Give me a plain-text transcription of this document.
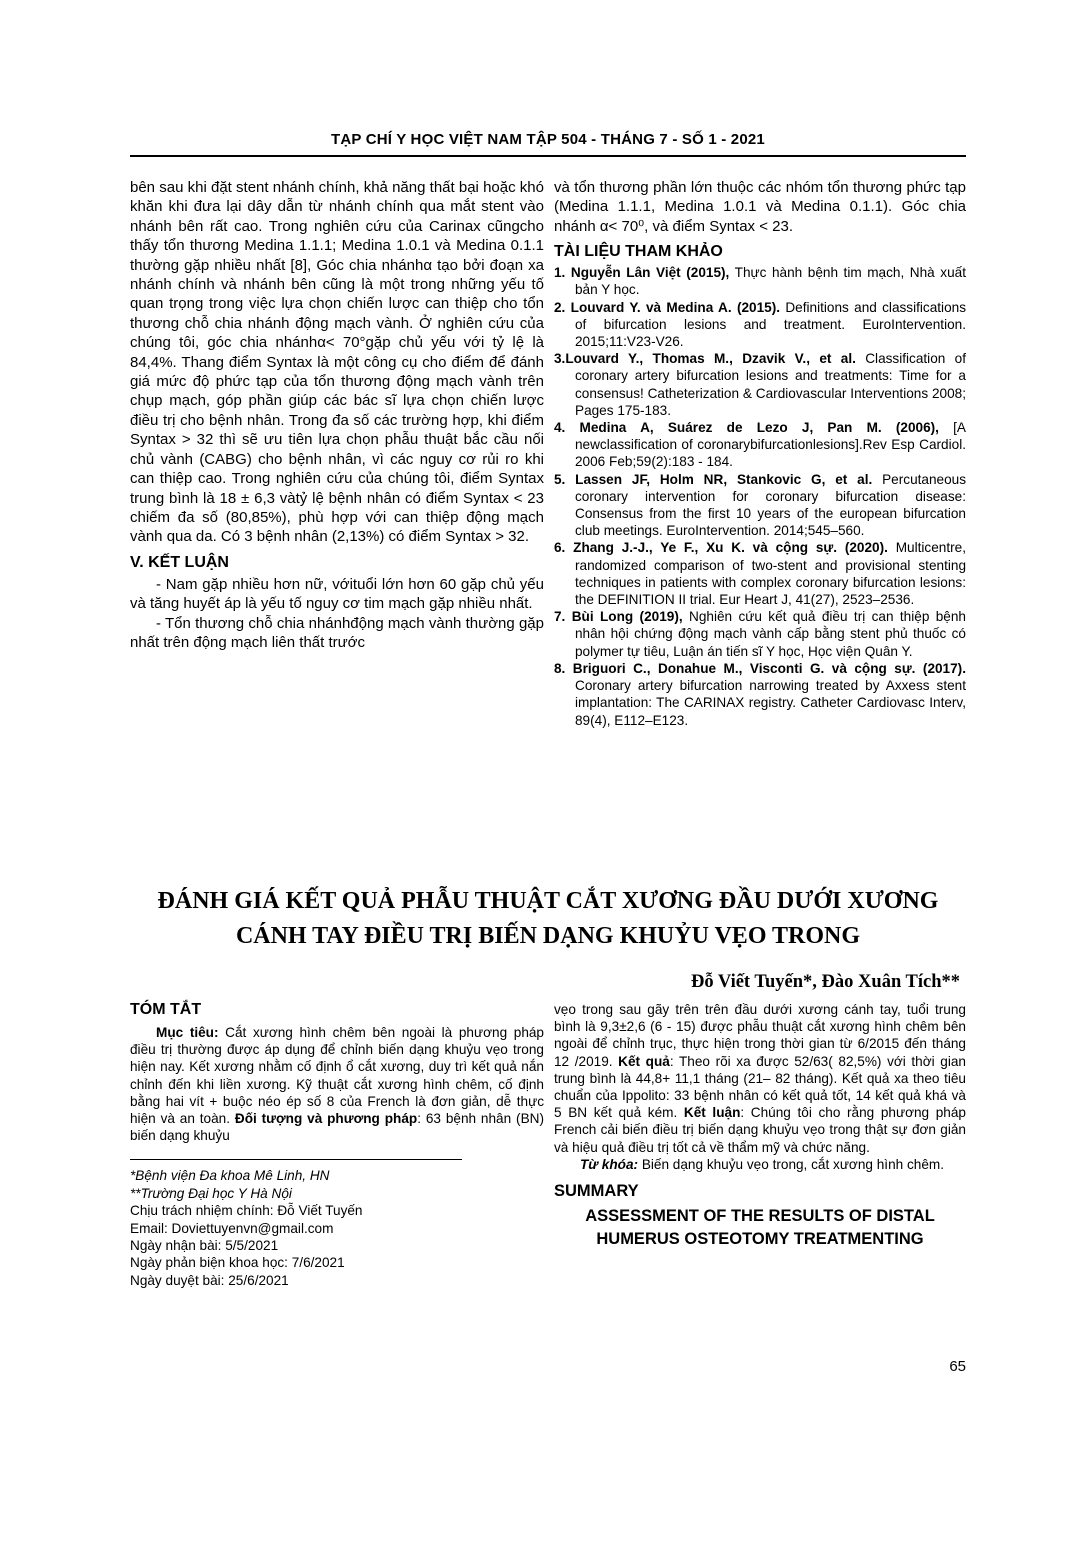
TẠP CHÍ Y HỌC VIỆT NAM TẬP 504 - THÁNG 7 - SỐ 1 - 2021

bên sau khi đặt stent nhánh chính, khả năng thất bại hoặc khó khăn khi đưa lại dây dẫn từ nhánh chính qua mắt stent vào nhánh bên rất cao. Trong nghiên cứu của Carinax cũngcho thấy tổn thương Medina 1.1.1; Medina 1.0.1 và Medina 0.1.1 thường gặp nhiều nhất [8], Góc chia nhánhα tạo bởi đoạn xa nhánh chính và nhánh bên cũng là một trong những yếu tố quan trọng trong việc lựa chọn chiến lược can thiệp cho tổn thương chỗ chia nhánh động mạch vành. Ở nghiên cứu của chúng tôi, góc chia nhánhα< 70°gặp chủ yếu với tỷ lệ là 84,4%. Thang điểm Syntax là một công cụ cho điểm để đánh giá mức độ phức tạp của tổn thương động mạch vành trên chụp mạch, góp phần giúp các bác sĩ lựa chọn chiến lược điều trị cho bệnh nhân. Trong đa số các trường hợp, khi điểm Syntax > 32 thì sẽ ưu tiên lựa chọn phẫu thuật bắc cầu nối chủ vành (CABG) cho bệnh nhân, vì các nguy cơ rủi ro khi can thiệp cao. Trong nghiên cứu của chúng tôi, điểm Syntax trung bình là 18 ± 6,3 vàtỷ lệ bệnh nhân có điểm Syntax < 23 chiếm đa số (80,85%), phù hợp với can thiệp động mạch vành qua da. Có 3 bệnh nhân (2,13%) có điểm Syntax > 32.

V. KẾT LUẬN

- Nam gặp nhiều hơn nữ, vớituổi lớn hơn 60 gặp chủ yếu và tăng huyết áp là yếu tố nguy cơ tim mạch gặp nhiều nhất.

- Tổn thương chỗ chia nhánhđộng mạch vành thường gặp nhất trên động mạch liên thất trước

và tổn thương phần lớn thuộc các nhóm tổn thương phức tạp (Medina 1.1.1, Medina 1.0.1 và Medina 0.1.1). Góc chia nhánh α< 70⁰, và điểm Syntax < 23.

TÀI LIỆU THAM KHẢO

1. Nguyễn Lân Việt (2015), Thực hành bệnh tim mạch, Nhà xuất bản Y học.

2. Louvard Y. và Medina A. (2015). Definitions and classifications of bifurcation lesions and treatment. EuroIntervention. 2015;11:V23-V26.

3.Louvard Y., Thomas M., Dzavik V., et al. Classification of coronary artery bifurcation lesions and treatments: Time for a consensus! Catheterization & Cardiovascular Interventions 2008; Pages 175-183.

4. Medina A, Suárez de Lezo J, Pan M. (2006), [A newclassification of coronarybifurcationlesions].Rev Esp Cardiol. 2006 Feb;59(2):183 - 184.

5. Lassen JF, Holm NR, Stankovic G, et al. Percutaneous coronary intervention for coronary bifurcation disease: Consensus from the first 10 years of the european bifurcation club meetings. EuroIntervention. 2014;545–560.

6. Zhang J.-J., Ye F., Xu K. và cộng sự. (2020). Multicentre, randomized comparison of two-stent and provisional stenting techniques in patients with complex coronary bifurcation lesions: the DEFINITION II trial. Eur Heart J, 41(27), 2523–2536.

7. Bùi Long (2019), Nghiên cứu kết quả điều trị can thiệp bệnh nhân hội chứng động mạch vành cấp bằng stent phủ thuốc có polymer tự tiêu, Luận án tiến sĩ Y học, Học viện Quân Y.

8. Briguori C., Donahue M., Visconti G. và cộng sự. (2017). Coronary artery bifurcation narrowing treated by Axxess stent implantation: The CARINAX registry. Catheter Cardiovasc Interv, 89(4), E112–E123.

ĐÁNH GIÁ KẾT QUẢ PHẪU THUẬT CẮT XƯƠNG ĐẦU DƯỚI XƯƠNG
CÁNH TAY ĐIỀU TRỊ BIẾN DẠNG KHUỶU VẸO TRONG
Đỗ Viết Tuyến*, Đào Xuân Tích**
TÓM TẮT

Mục tiêu: Cắt xương hình chêm bên ngoài là phương pháp điều trị thường được áp dụng để chỉnh biến dạng khuỷu vẹo trong hiện nay. Kết xương nhằm cố định ổ cắt xương, duy trì kết quả nắn chỉnh đến khi liền xương. Kỹ thuật cắt xương hình chêm, cố định bằng hai vít + buộc néo ép số 8 của French là đơn giản, dễ thực hiện và an toàn. Đối tượng và phương pháp: 63 bệnh nhân (BN) biến dạng khuỷu

*Bệnh viện Đa khoa Mê Linh, HN
**Trường Đại học Y Hà Nội
Chịu trách nhiệm chính: Đỗ Viết Tuyến
Email: Doviettuyenvn@gmail.com
Ngày nhận bài: 5/5/2021
Ngày phản biện khoa học: 7/6/2021
Ngày duyệt bài: 25/6/2021

vẹo trong sau gãy trên trên đầu dưới xương cánh tay, tuổi trung bình là 9,3±2,6 (6 - 15) được phẫu thuật cắt xương hình chêm bên ngoài để chỉnh trục, thực hiện trong thời gian từ 6/2015 đến tháng 12 /2019. Kết quả: Theo rõi xa được 52/63( 82,5%) với thời gian trung bình là 44,8+ 11,1 tháng (21– 82 tháng). Kết quả xa theo tiêu chuẩn của Ippolito: 33 bệnh nhân có kết quả tốt, 14 kết quả khá và 5 BN kết quả kém. Kết luận: Chúng tôi cho rằng phương pháp French cải biến điều trị biến dạng khuỷu vẹo trong thật sự đơn giản và hiệu quả điều trị tốt cả về thẩm mỹ và chức năng.

Từ khóa: Biến dạng khuỷu vẹo trong, cắt xương hình chêm.

SUMMARY
ASSESSMENT OF THE RESULTS OF DISTAL
HUMERUS OSTEOTOMY TREATMENTING
65
